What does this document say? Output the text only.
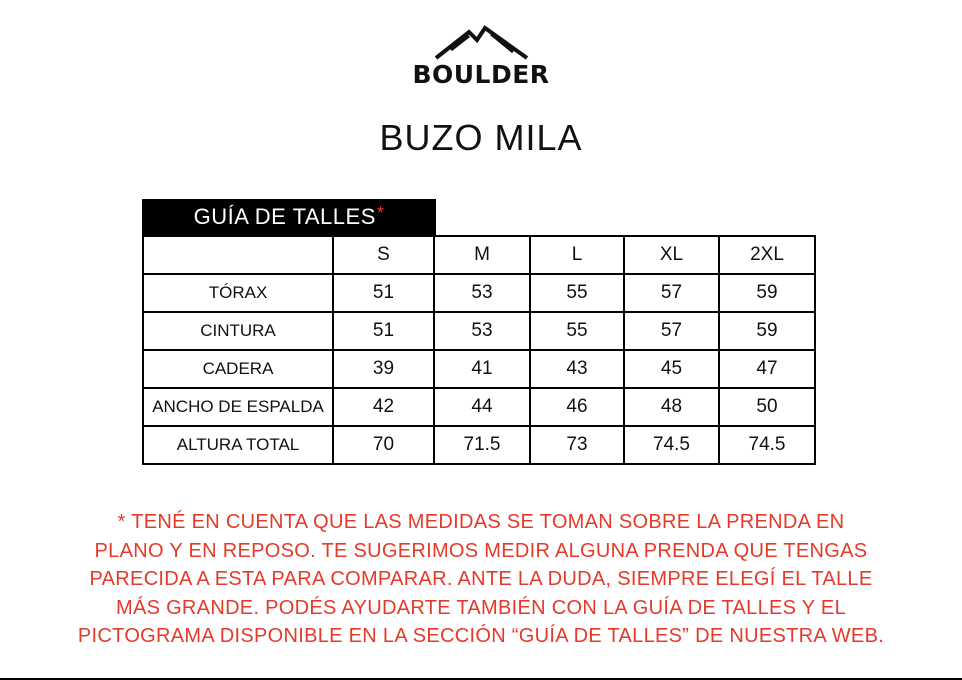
BOULDER
BUZO MILA
GUÍA DE TALLES *
	S	M	L	XL	2XL
TÓRAX	51	53	55	57	59
CINTURA	51	53	55	57	59
CADERA	39	41	43	45	47
ANCHO DE ESPALDA	42	44	46	48	50
ALTURA TOTAL	70	71.5	73	74.5	74.5
* TENÉ EN CUENTA QUE LAS MEDIDAS SE TOMAN SOBRE LA PRENDA EN
PLANO Y EN REPOSO. TE SUGERIMOS MEDIR ALGUNA PRENDA QUE TENGAS
PARECIDA A ESTA PARA COMPARAR. ANTE LA DUDA, SIEMPRE ELEGÍ EL TALLE
MÁS GRANDE. PODÉS AYUDARTE TAMBIÉN CON LA GUÍA DE TALLES Y EL
PICTOGRAMA DISPONIBLE EN LA SECCIÓN “GUÍA DE TALLES” DE NUESTRA WEB.
